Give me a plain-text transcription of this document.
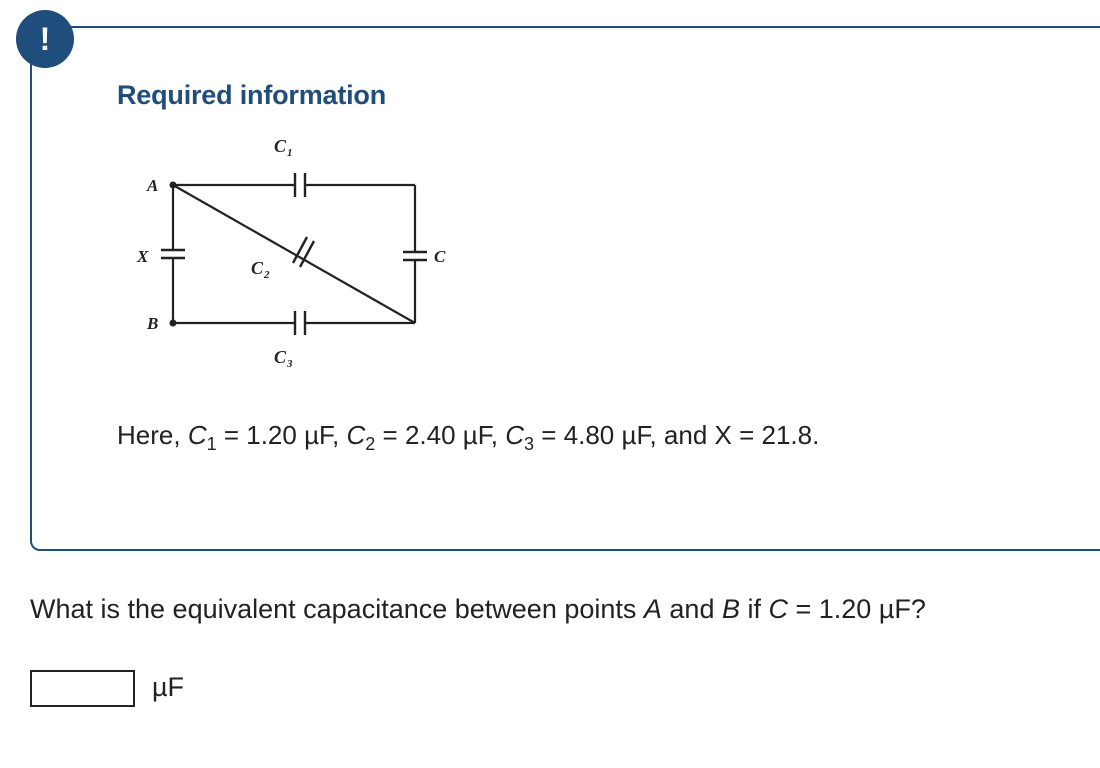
!
Required information
A
B
X	C
C 1
C 2
C 3
Here, $C_1 = 1.20$ µF, $C_2 = 2.40$ µF, $C_3 = 4.80$ µF, and X = 21.8.
What is the equivalent capacitance between points A and B if C = 1.20 µF?
µF
